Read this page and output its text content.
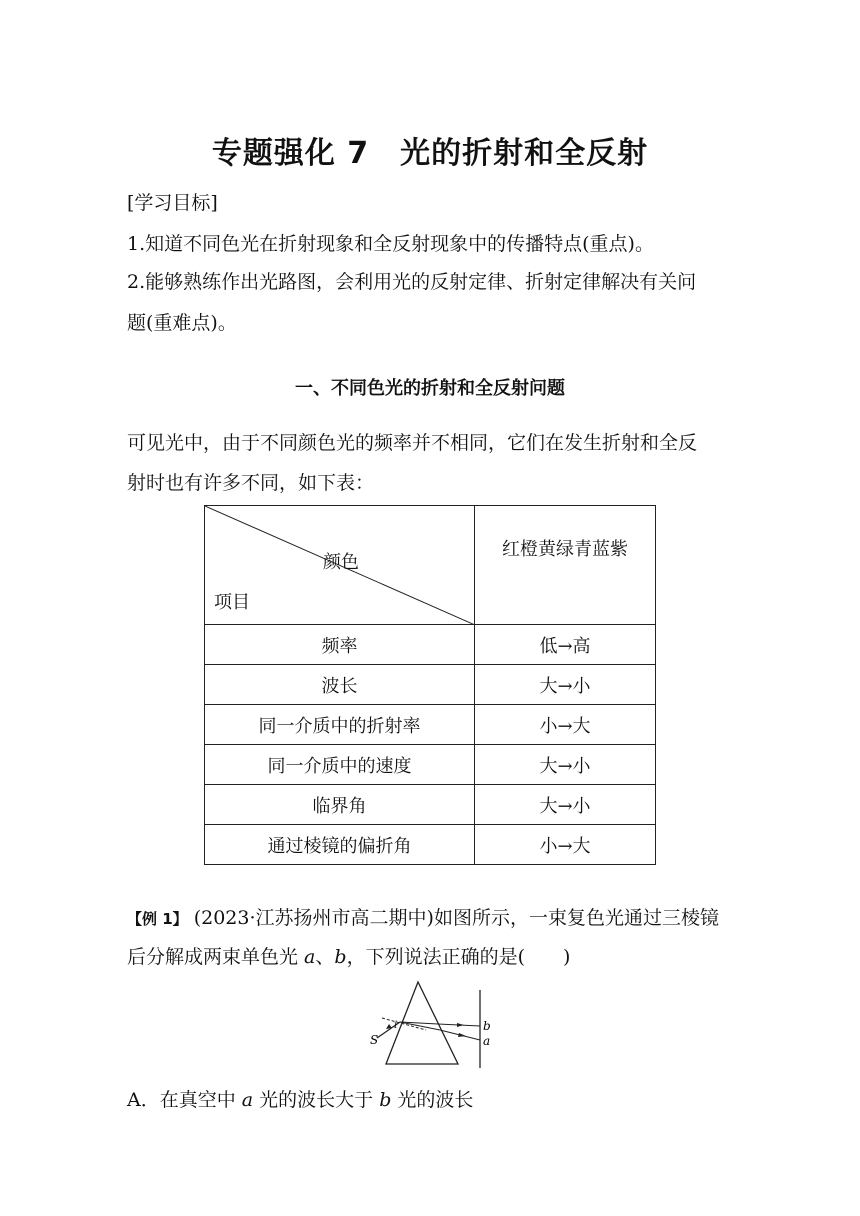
专题强化 7　光的折射和全反射
[学习目标]
1.知道不同色光在折射现象和全反射现象中的传播特点(重点)。
2.能够熟练作出光路图，会利用光的反射定律、折射定律解决有关问
题(重难点)。
一、不同色光的折射和全反射问题
可见光中，由于不同颜色光的频率并不相同，它们在发生折射和全反
射时也有许多不同，如下表：
颜色
项目	红橙黄绿青蓝紫

频率	低→高
波长	大→小
同一介质中的折射率	小→大
同一介质中的速度	大→小
临界角	大→小
通过棱镜的偏折角	小→大
【例 1】 (2023·江苏扬州市高二期中)如图所示，一束复色光通过三棱镜
后分解成两束单色光 a、b，下列说法正确的是(　　)
S
i	b
a
A．在真空中 a 光的波长大于 b 光的波长
